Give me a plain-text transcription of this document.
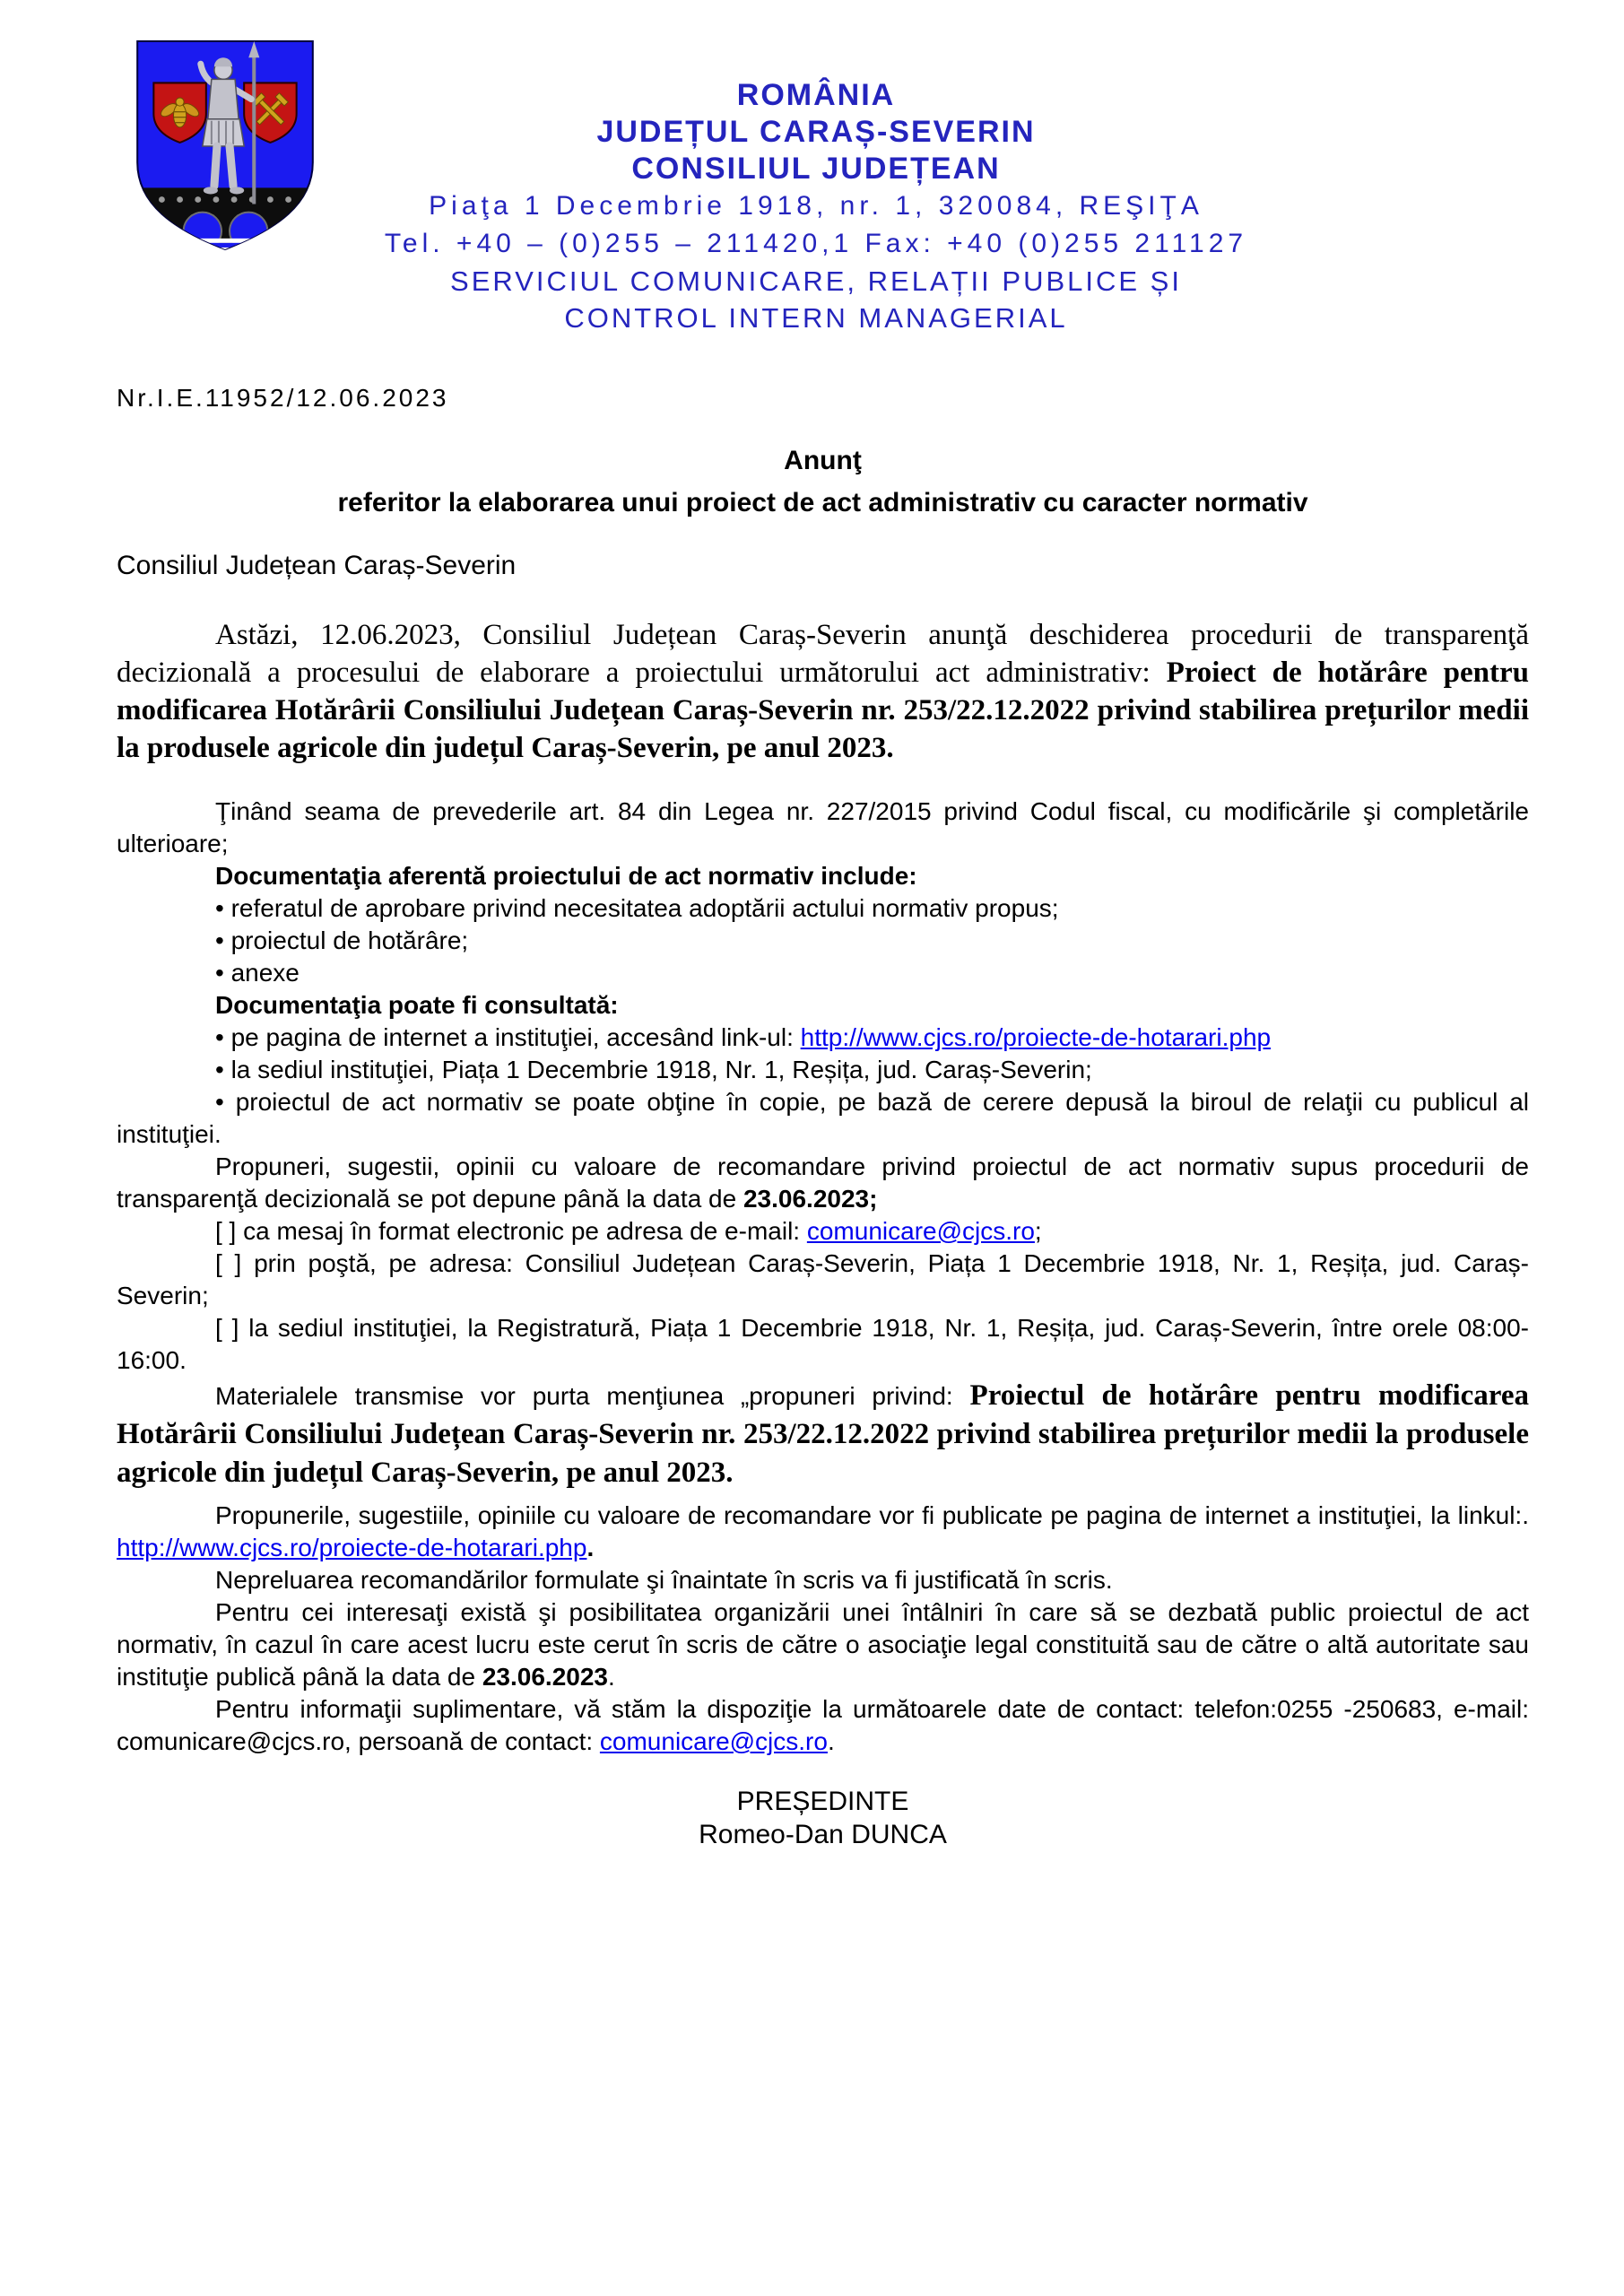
ROMÂNIA
JUDEȚUL CARAȘ-SEVERIN
CONSILIUL JUDEȚEAN
Piaţa 1 Decembrie 1918, nr. 1, 320084, REŞIŢA
Tel. +40 – (0)255 – 211420,1 Fax: +40 (0)255 211127
SERVICIUL COMUNICARE, RELAȚII PUBLICE ȘI
CONTROL INTERN MANAGERIAL
Nr.I.E.11952/12.06.2023
Anunţ
referitor la elaborarea unui proiect de act administrativ cu caracter normativ
Consiliul Județean Caraș-Severin

Astăzi, 12.06.2023, Consiliul Județean Caraș-Severin anunţă deschiderea procedurii de transparenţă decizională a procesului de elaborare a proiectului următorului act administrativ: Proiect de hotărâre pentru modificarea Hotărârii Consiliului Județean Caraș-Severin nr. 253/22.12.2022 privind stabilirea prețurilor medii la produsele agricole din județul Caraș-Severin, pe anul 2023.

Ţinând seama de prevederile art. 84 din Legea nr. 227/2015 privind Codul fiscal, cu modificările şi completările ulterioare;

Documentaţia aferentă proiectului de act normativ include:

• referatul de aprobare privind necesitatea adoptării actului normativ propus;

• proiectul de hotărâre;

• anexe

Documentaţia poate fi consultată:

• pe pagina de internet a instituţiei, accesând link-ul: http://www.cjcs.ro/proiecte-de-hotarari.php

• la sediul instituţiei, Piața 1 Decembrie 1918, Nr. 1, Reșița, jud. Caraș-Severin;

• proiectul de act normativ se poate obţine în copie, pe bază de cerere depusă la biroul de relaţii cu publicul al instituţiei.

Propuneri, sugestii, opinii cu valoare de recomandare privind proiectul de act normativ supus procedurii de transparenţă decizională se pot depune până la data de 23.06.2023;

[ ] ca mesaj în format electronic pe adresa de e-mail: comunicare@cjcs.ro;

[ ] prin poştă, pe adresa: Consiliul Județean Caraș-Severin, Piața 1 Decembrie 1918, Nr. 1, Reșița, jud. Caraș-Severin;

[ ] la sediul instituţiei, la Registratură, Piața 1 Decembrie 1918, Nr. 1, Reșița, jud. Caraș-Severin, între orele 08:00-16:00.

Materialele transmise vor purta menţiunea „propuneri privind: Proiectul de hotărâre pentru modificarea Hotărârii Consiliului Județean Caraș-Severin nr. 253/22.12.2022 privind stabilirea prețurilor medii la produsele agricole din județul Caraș-Severin, pe anul 2023.

Propunerile, sugestiile, opiniile cu valoare de recomandare vor fi publicate pe pagina de internet a instituţiei, la linkul:. http://www.cjcs.ro/proiecte-de-hotarari.php.

Nepreluarea recomandărilor formulate şi înaintate în scris va fi justificată în scris.

Pentru cei interesaţi există şi posibilitatea organizării unei întâlniri în care să se dezbată public proiectul de act normativ, în cazul în care acest lucru este cerut în scris de către o asociaţie legal constituită sau de către o altă autoritate sau instituţie publică până la data de 23.06.2023.

Pentru informaţii suplimentare, vă stăm la dispoziţie la următoarele date de contact: telefon:0255 -250683, e-mail: comunicare@cjcs.ro, persoană de contact: comunicare@cjcs.ro.

PREȘEDINTE
Romeo-Dan DUNCA
